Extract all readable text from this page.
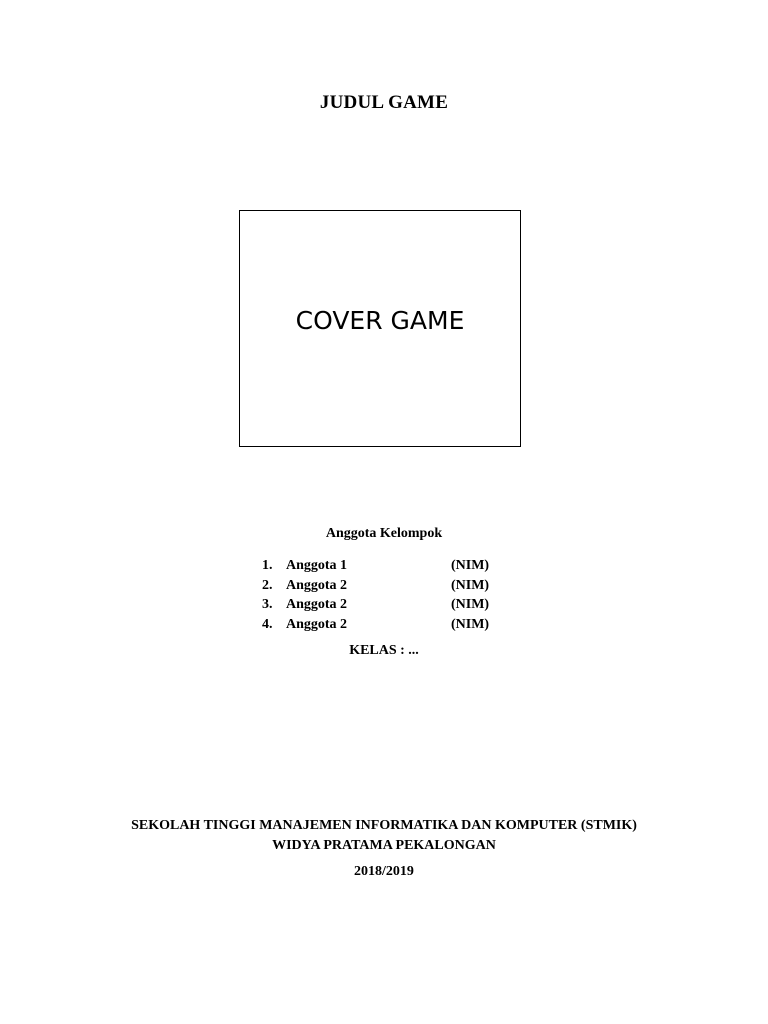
JUDUL GAME
COVER GAME
Anggota Kelompok
1. Anggota 1	(NIM)
2. Anggota 2	(NIM)
3. Anggota 2	(NIM)
4. Anggota 2	(NIM)
KELAS : ...
SEKOLAH TINGGI MANAJEMEN INFORMATIKA DAN KOMPUTER (STMIK)
WIDYA PRATAMA PEKALONGAN
2018/2019
